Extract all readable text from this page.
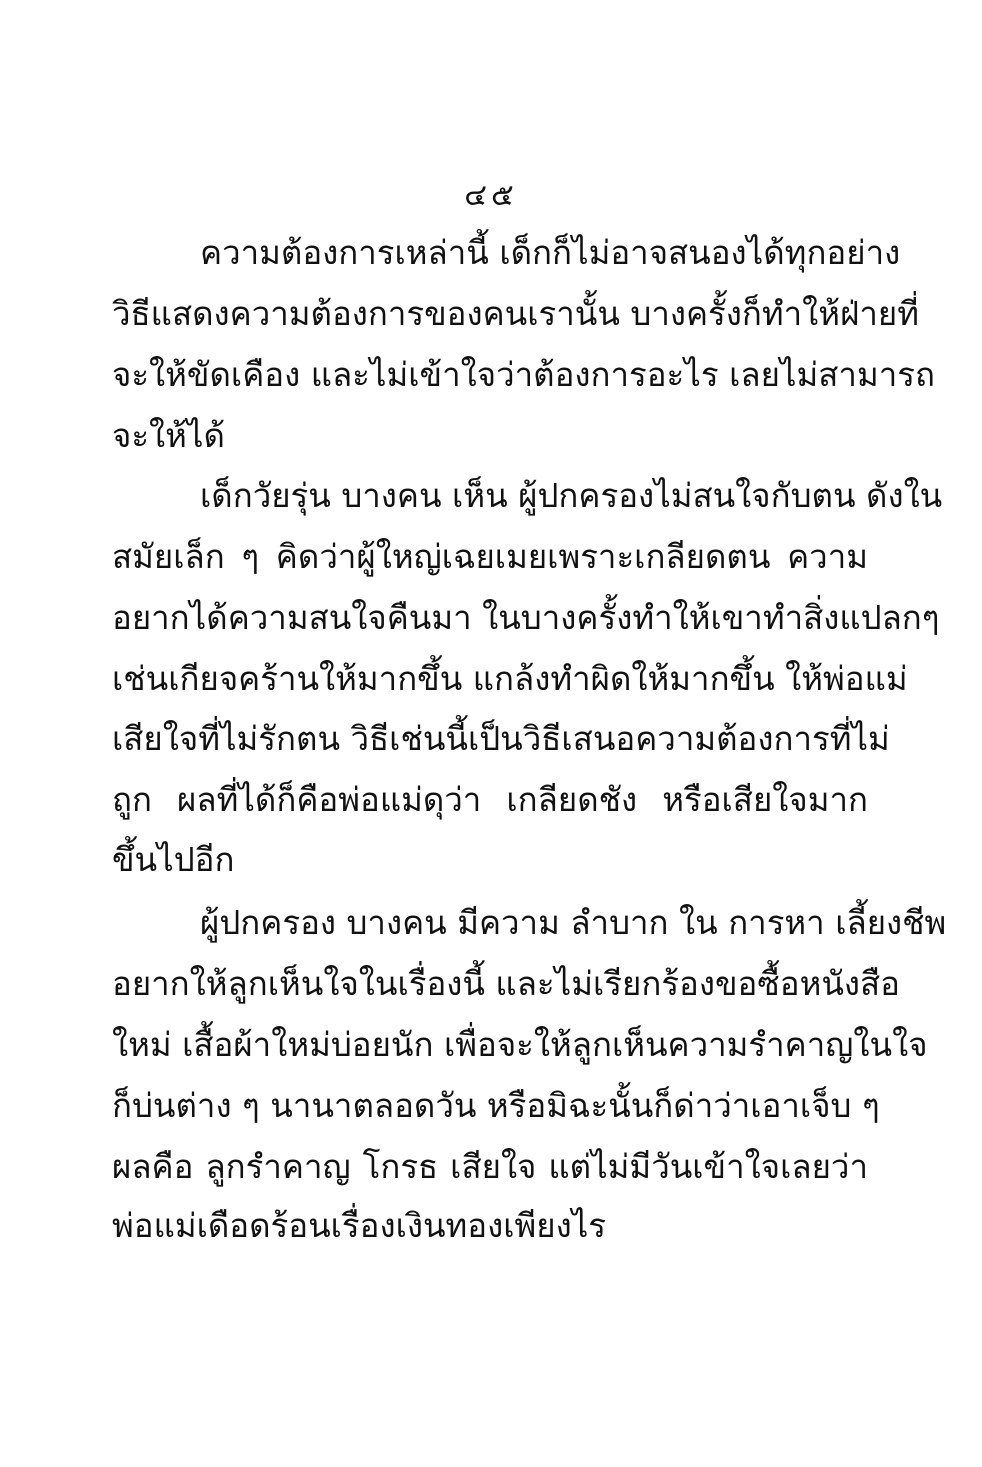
๔๕
ความต้องการเหล่านี้ เด็กก็ไม่อาจสนองได้ทุกอย่าง
วิธีแสดงความต้องการของคนเรานั้น บางครั้งก็ทำให้ฝ่ายที่
จะให้ขัดเคือง และไม่เข้าใจว่าต้องการอะไร เลยไม่สามารถ
จะให้ได้
เด็กวัยรุ่น บางคน เห็น ผู้ปกครองไม่สนใจกับตน ดังใน
สมัยเล็ก ๆ คิดว่าผู้ใหญ่เฉยเมยเพราะเกลียดตน ความ
อยากได้ความสนใจคืนมา ในบางครั้งทำให้เขาทำสิ่งแปลกๆ
เช่นเกียจคร้านให้มากขึ้น แกล้งทำผิดให้มากขึ้น ให้พ่อแม่
เสียใจที่ไม่รักตน วิธีเช่นนี้เป็นวิธีเสนอความต้องการที่ไม่
ถูก ผลที่ได้ก็คือพ่อแม่ดุว่า เกลียดชัง หรือเสียใจมาก
ขึ้นไปอีก
ผู้ปกครอง บางคน มีความ ลำบาก ใน การหา เลี้ยงชีพ
อยากให้ลูกเห็นใจในเรื่องนี้ และไม่เรียกร้องขอซื้อหนังสือ
ใหม่ เสื้อผ้าใหม่บ่อยนัก เพื่อจะให้ลูกเห็นความรำคาญในใจ
ก็บ่นต่าง ๆ นานาตลอดวัน หรือมิฉะนั้นก็ด่าว่าเอาเจ็บ ๆ
ผลคือ ลูกรำคาญ โกรธ เสียใจ แต่ไม่มีวันเข้าใจเลยว่า
พ่อแม่เดือดร้อนเรื่องเงินทองเพียงไร
